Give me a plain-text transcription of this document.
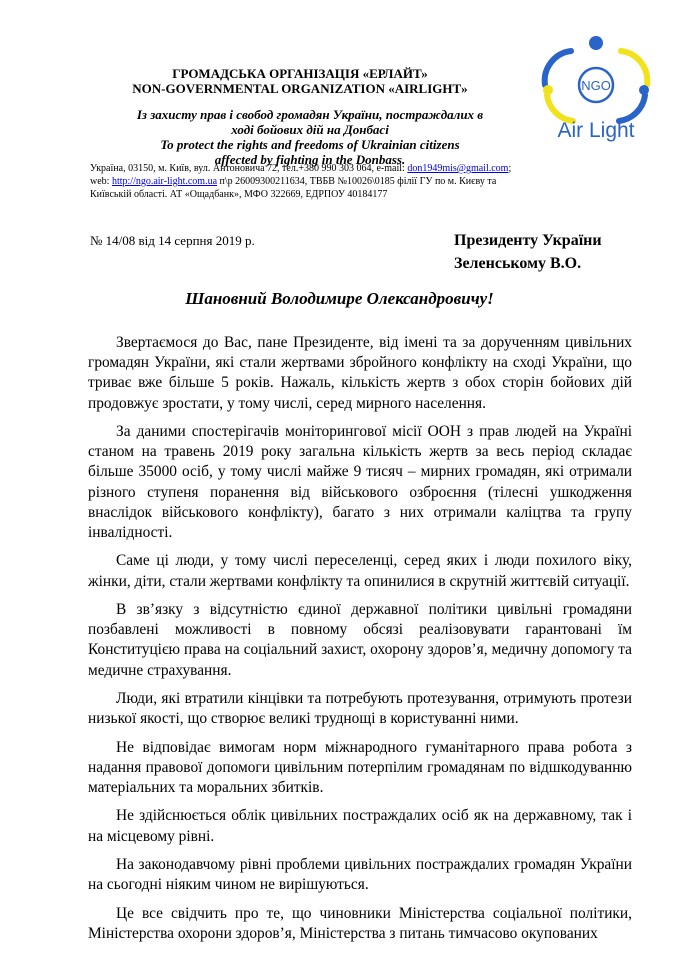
ГРОМАДСЬКА ОРГАНІЗАЦІЯ «ЕРЛАЙТ»
NON-GOVERNMENTAL ORGANIZATION «AIRLIGHT»
Із захисту прав і свобод громадян України, постраждалих в
ході бойових дій на Донбасі
To protect the rights and freedoms of Ukrainian citizens
affected by fighting in the Donbass.
Україна, 03150, м. Київ, вул. Антоновича 72, тел.+380 990 303 064, e-mail: don1949mis@gmail.com;
web: http://ngo.air-light.com.ua п\р 26009300211634, ТВБВ №10026\0185 філії ГУ по м. Києву та
Київській області. АТ «Ощадбанк», МФО 322669, ЕДРПОУ 40184177
NGO
Air Light
№ 14/08 від 14 серпня 2019 р.	Президенту України
Зеленському В.О.
Шановний Володимире Олександровичу!

Звертаємося до Вас, пане Президенте, від імені та за дорученням цивільних громадян України, які стали жертвами збройного конфлікту на сході України, що триває вже більше 5 років. Нажаль, кількість жертв з обох сторін бойових дій продовжує зростати, у тому числі, серед мирного населення.

За даними спостерігачів моніторингової місії ООН з прав людей на Україні станом на травень 2019 року загальна кількість жертв за весь період складає більше 35000 осіб, у тому числі майже 9 тисяч – мирних громадян, які отримали різного ступеня поранення від військового озброєння (тілесні ушкодження внаслідок військового конфлікту), багато з них отримали каліцтва та групу інвалідності.

Саме ці люди, у тому числі переселенці, серед яких і люди похилого віку, жінки, діти, стали жертвами конфлікту та опинилися в скрутній життєвій ситуації.

В зв’язку з відсутністю єдиної державної політики цивільні громадяни позбавлені можливості в повному обсязі реалізовувати гарантовані їм Конституцією права на соціальний захист, охорону здоров’я, медичну допомогу та медичне страхування.

Люди, які втратили кінцівки та потребують протезування, отримують протези низької якості, що створює великі труднощі в користуванні ними.

Не відповідає вимогам норм міжнародного гуманітарного права робота з надання правової допомоги цивільним потерпілим громадянам по відшкодуванню матеріальних та моральних збитків.

Не здійснюється облік цивільних постраждалих осіб як на державному, так і на місцевому рівні.

На законодавчому рівні проблеми цивільних постраждалих громадян України на сьогодні ніяким чином не вирішуються.

Це все свідчить про те, що чиновники Міністерства соціальної політики, Міністерства охорони здоров’я, Міністерства з питань тимчасово окупованих
